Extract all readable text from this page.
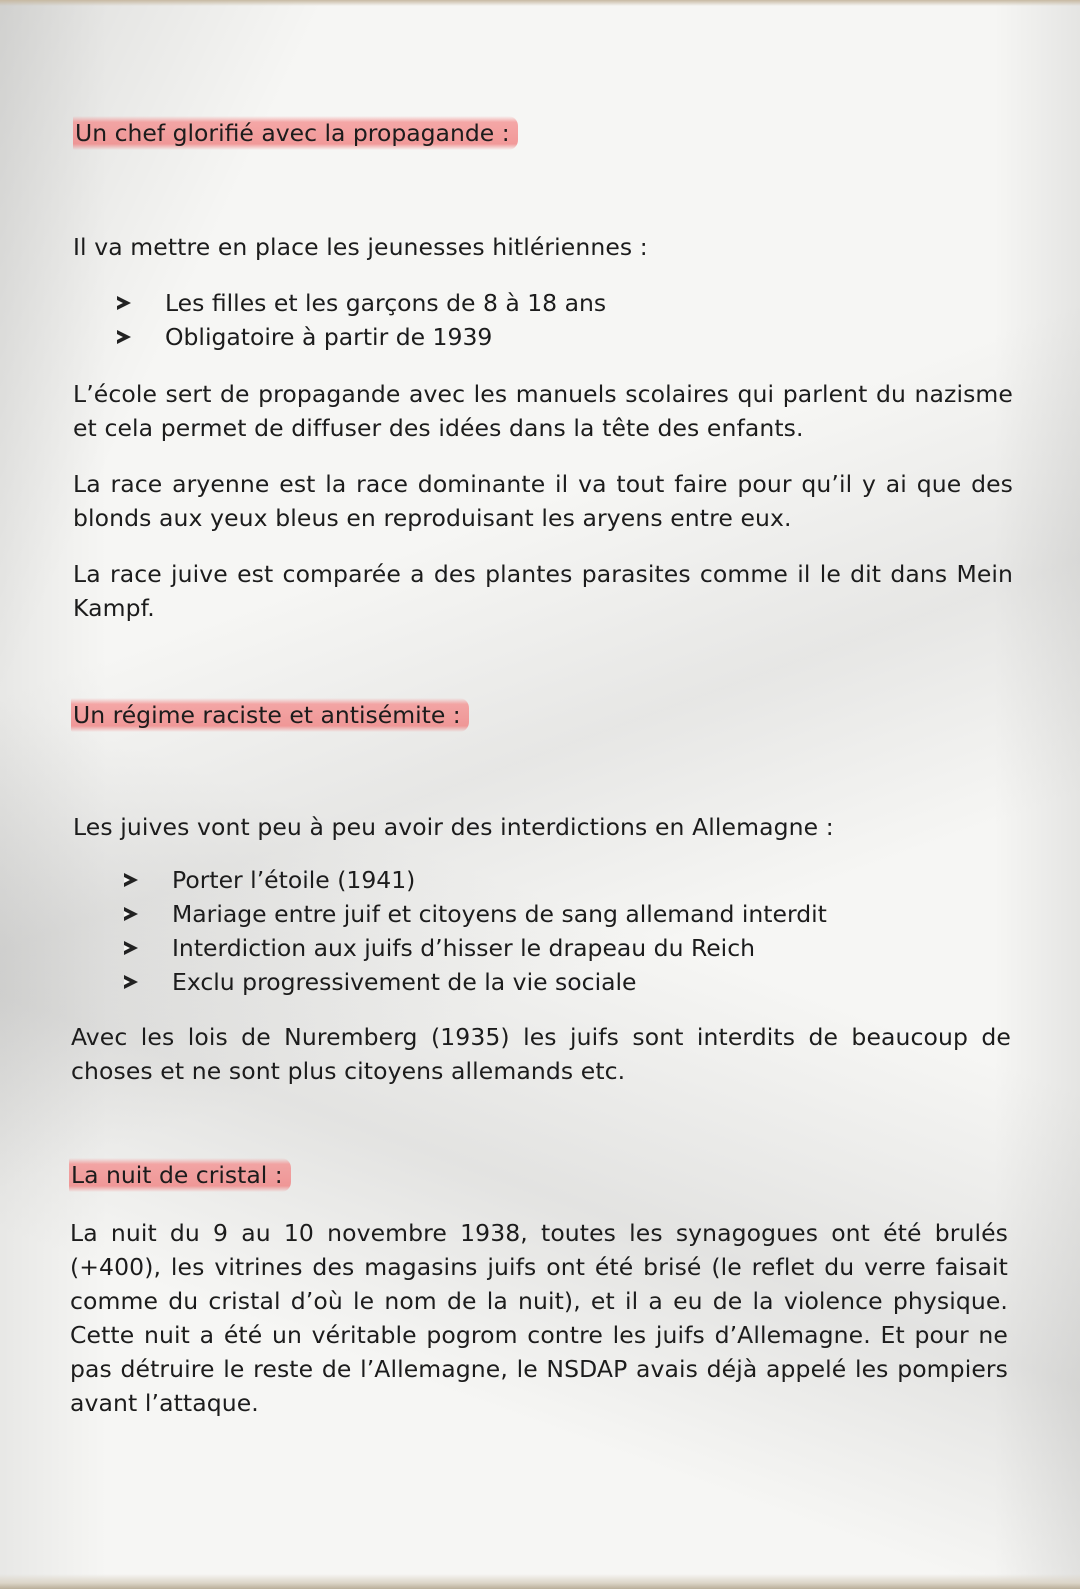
Un chef glorifié avec la propagande :
Il va mettre en place les jeunesses hitlériennes :
Les filles et les garçons de 8 à 18 ans
Obligatoire à partir de 1939
L’école sert de propagande avec les manuels scolaires qui parlent du nazisme et cela permet de diffuser des idées dans la tête des enfants.
La race aryenne est la race dominante il va tout faire pour qu’il y ai que des blonds aux yeux bleus en reproduisant les aryens entre eux.
La race juive est comparée a des plantes parasites comme il le dit dans Mein Kampf.
Un régime raciste et antisémite :
Les juives vont peu à peu avoir des interdictions en Allemagne :
Porter l’étoile (1941)
Mariage entre juif et citoyens de sang allemand interdit
Interdiction aux juifs d’hisser le drapeau du Reich
Exclu progressivement de la vie sociale
Avec les lois de Nuremberg (1935) les juifs sont interdits de beaucoup de choses et ne sont plus citoyens allemands etc.
La nuit de cristal :
La nuit du 9 au 10 novembre 1938, toutes les synagogues ont été brulés (+400), les vitrines des magasins juifs ont été brisé (le reflet du verre faisait comme du cristal d’où le nom de la nuit), et il a eu de la violence physique. Cette nuit a été un véritable pogrom contre les juifs d’Allemagne. Et pour ne pas détruire le reste de l’Allemagne, le NSDAP avais déjà appelé les pompiers avant l’attaque.
